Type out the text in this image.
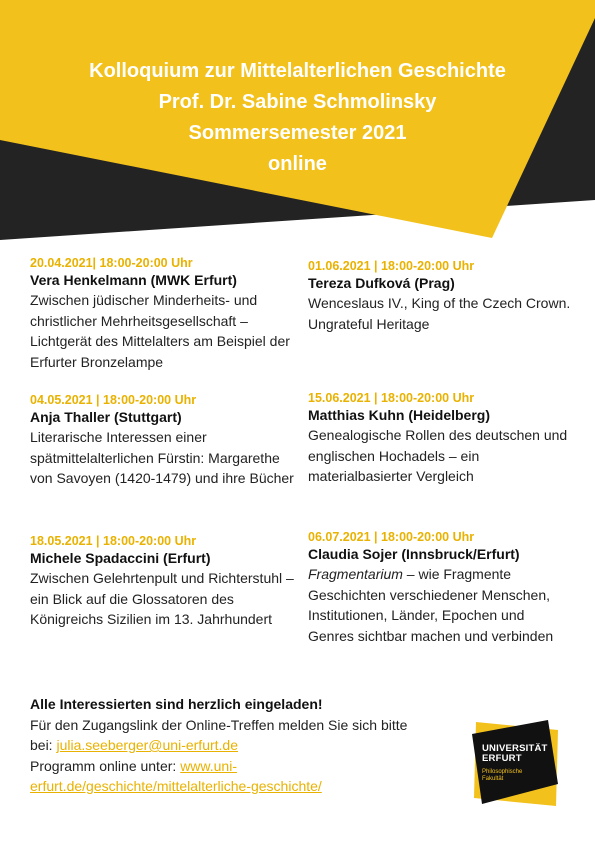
Kolloquium zur Mittelalterlichen Geschichte
Prof. Dr. Sabine Schmolinsky
Sommersemester 2021
online
20.04.2021| 18:00-20:00 Uhr
Vera Henkelmann (MWK Erfurt)
Zwischen jüdischer Minderheits- und christlicher Mehrheitsgesellschaft – Lichtgerät des Mittelalters am Beispiel der Erfurter Bronzelampe
01.06.2021 | 18:00-20:00 Uhr
Tereza Dufková (Prag)
Wenceslaus IV., King of the Czech Crown. Ungrateful Heritage
04.05.2021 | 18:00-20:00 Uhr
Anja Thaller (Stuttgart)
Literarische Interessen einer spätmittelalterlichen Fürstin: Margarethe von Savoyen (1420-1479) und ihre Bücher
15.06.2021 | 18:00-20:00 Uhr
Matthias Kuhn (Heidelberg)
Genealogische Rollen des deutschen und englischen Hochadels – ein materialbasierter Vergleich
18.05.2021 | 18:00-20:00 Uhr
Michele Spadaccini (Erfurt)
Zwischen Gelehrtenpult und Richterstuhl – ein Blick auf die Glossatoren des Königreichs Sizilien im 13. Jahrhundert
06.07.2021 | 18:00-20:00 Uhr
Claudia Sojer (Innsbruck/Erfurt)
Fragmentarium – wie Fragmente Geschichten verschiedener Menschen, Institutionen, Länder, Epochen und Genres sichtbar machen und verbinden
Alle Interessierten sind herzlich eingeladen!
Für den Zugangslink der Online-Treffen melden Sie sich bitte
bei: julia.seeberger@uni-erfurt.de
Programm online unter: www.uni-
erfurt.de/geschichte/mittelalterliche-geschichte/
UNIVERSITÄT
ERFURT
Philosophische
Fakultät
